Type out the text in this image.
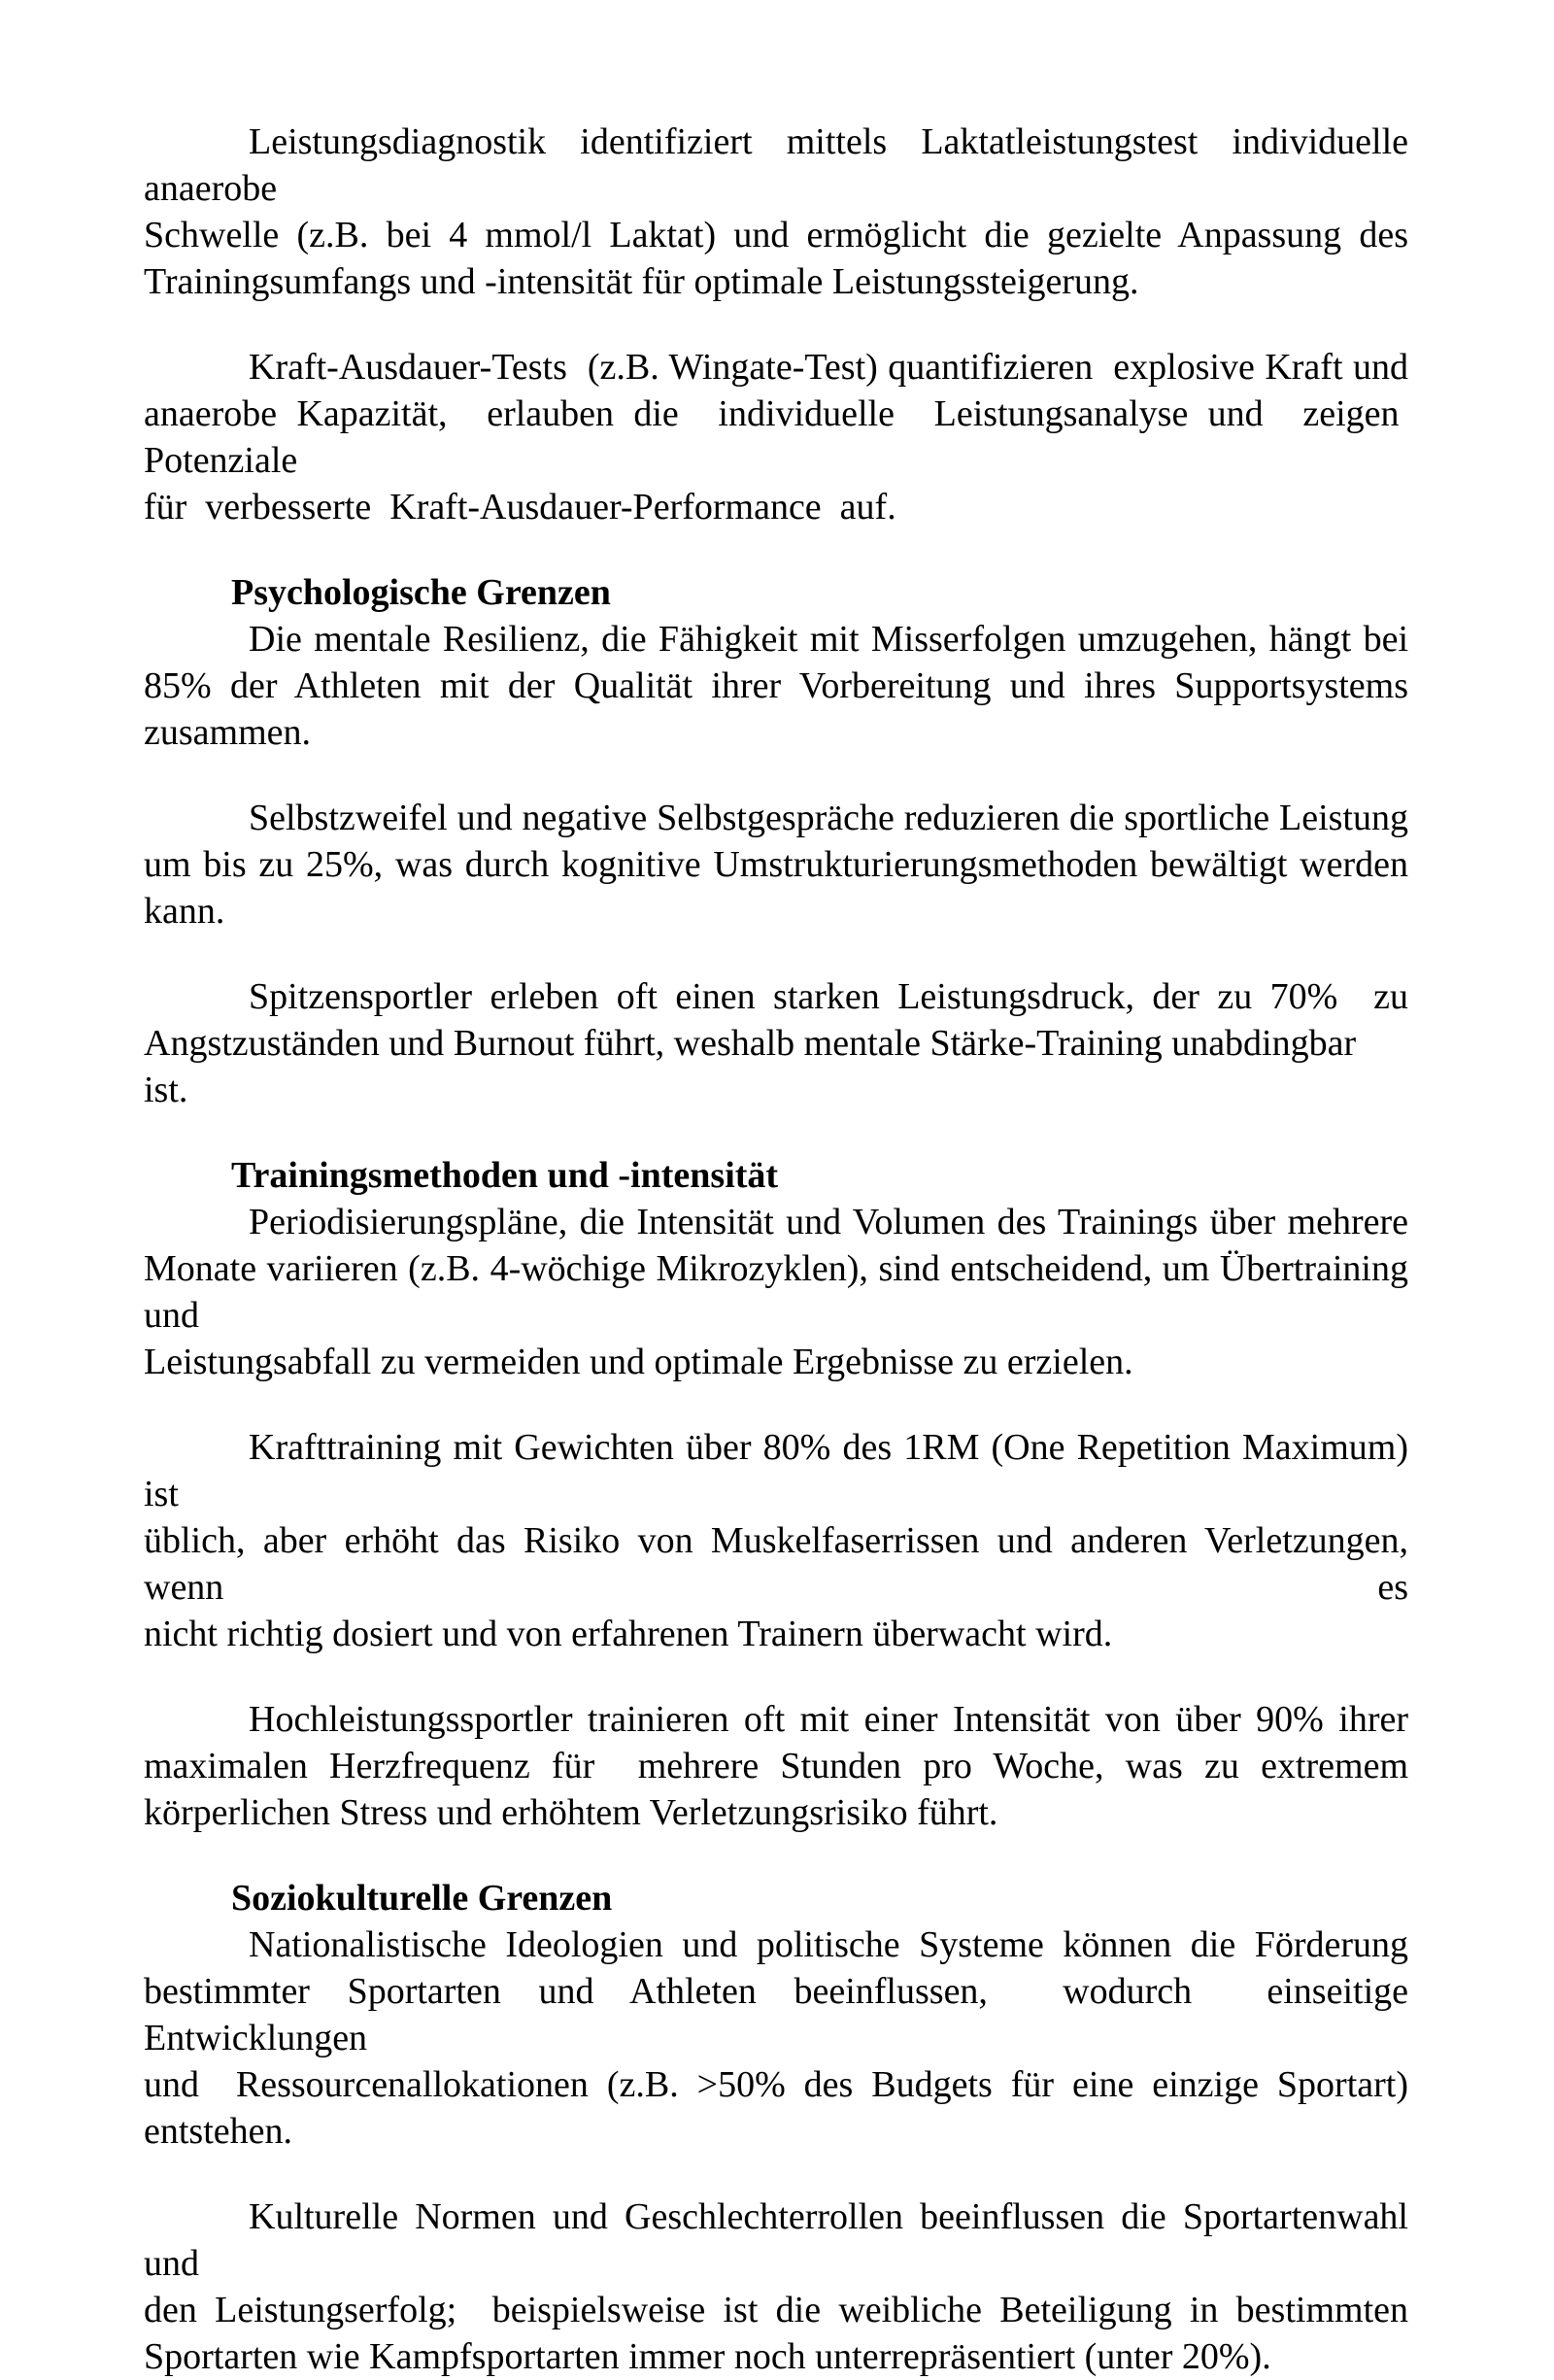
Leistungsdiagnostik identifiziert mittels Laktatleistungstest individuelle anaerobe
Schwelle (z.B. bei 4 mmol/l Laktat) und ermöglicht die gezielte Anpassung des
Trainingsumfangs und -intensität für optimale Leistungssteigerung.
Kraft-Ausdauer-Tests  (z.B. Wingate-Test) quantifizieren  explosive Kraft und
anaerobe Kapazität,  erlauben die  individuelle  Leistungsanalyse und  zeigen  Potenziale
für  verbesserte  Kraft-Ausdauer-Performance  auf.
Psychologische Grenzen
Die mentale Resilienz, die Fähigkeit mit Misserfolgen umzugehen, hängt bei
85% der Athleten mit der Qualität ihrer Vorbereitung und ihres Supportsystems
zusammen.
Selbstzweifel und negative Selbstgespräche reduzieren die sportliche Leistung
um bis zu 25%, was durch kognitive Umstrukturierungsmethoden bewältigt werden
kann.
Spitzensportler erleben oft einen starken Leistungsdruck, der zu 70%  zu
Angstzuständen und Burnout führt, weshalb mentale Stärke-Training unabdingbar ist.
Trainingsmethoden und -intensität
Periodisierungspläne, die Intensität und Volumen des Trainings über mehrere
Monate variieren (z.B. 4-wöchige Mikrozyklen), sind entscheidend, um Übertraining und
Leistungsabfall zu vermeiden und optimale Ergebnisse zu erzielen.
Krafttraining mit Gewichten über 80% des 1RM (One Repetition Maximum) ist
üblich, aber erhöht das Risiko von Muskelfaserrissen und anderen Verletzungen, wenn es
nicht richtig dosiert und von erfahrenen Trainern überwacht wird.
Hochleistungssportler trainieren oft mit einer Intensität von über 90% ihrer
maximalen Herzfrequenz für  mehrere Stunden pro Woche, was zu extremem
körperlichen Stress und erhöhtem Verletzungsrisiko führt.
Soziokulturelle Grenzen
Nationalistische Ideologien und politische Systeme können die Förderung
bestimmter Sportarten und Athleten beeinflussen,  wodurch  einseitige Entwicklungen
und  Ressourcenallokationen (z.B. >50% des Budgets für eine einzige Sportart)
entstehen.
Kulturelle Normen und Geschlechterrollen beeinflussen die Sportartenwahl und
den Leistungserfolg;  beispielsweise ist die weibliche Beteiligung in bestimmten
Sportarten wie Kampfsportarten immer noch unterrepräsentiert (unter 20%).
